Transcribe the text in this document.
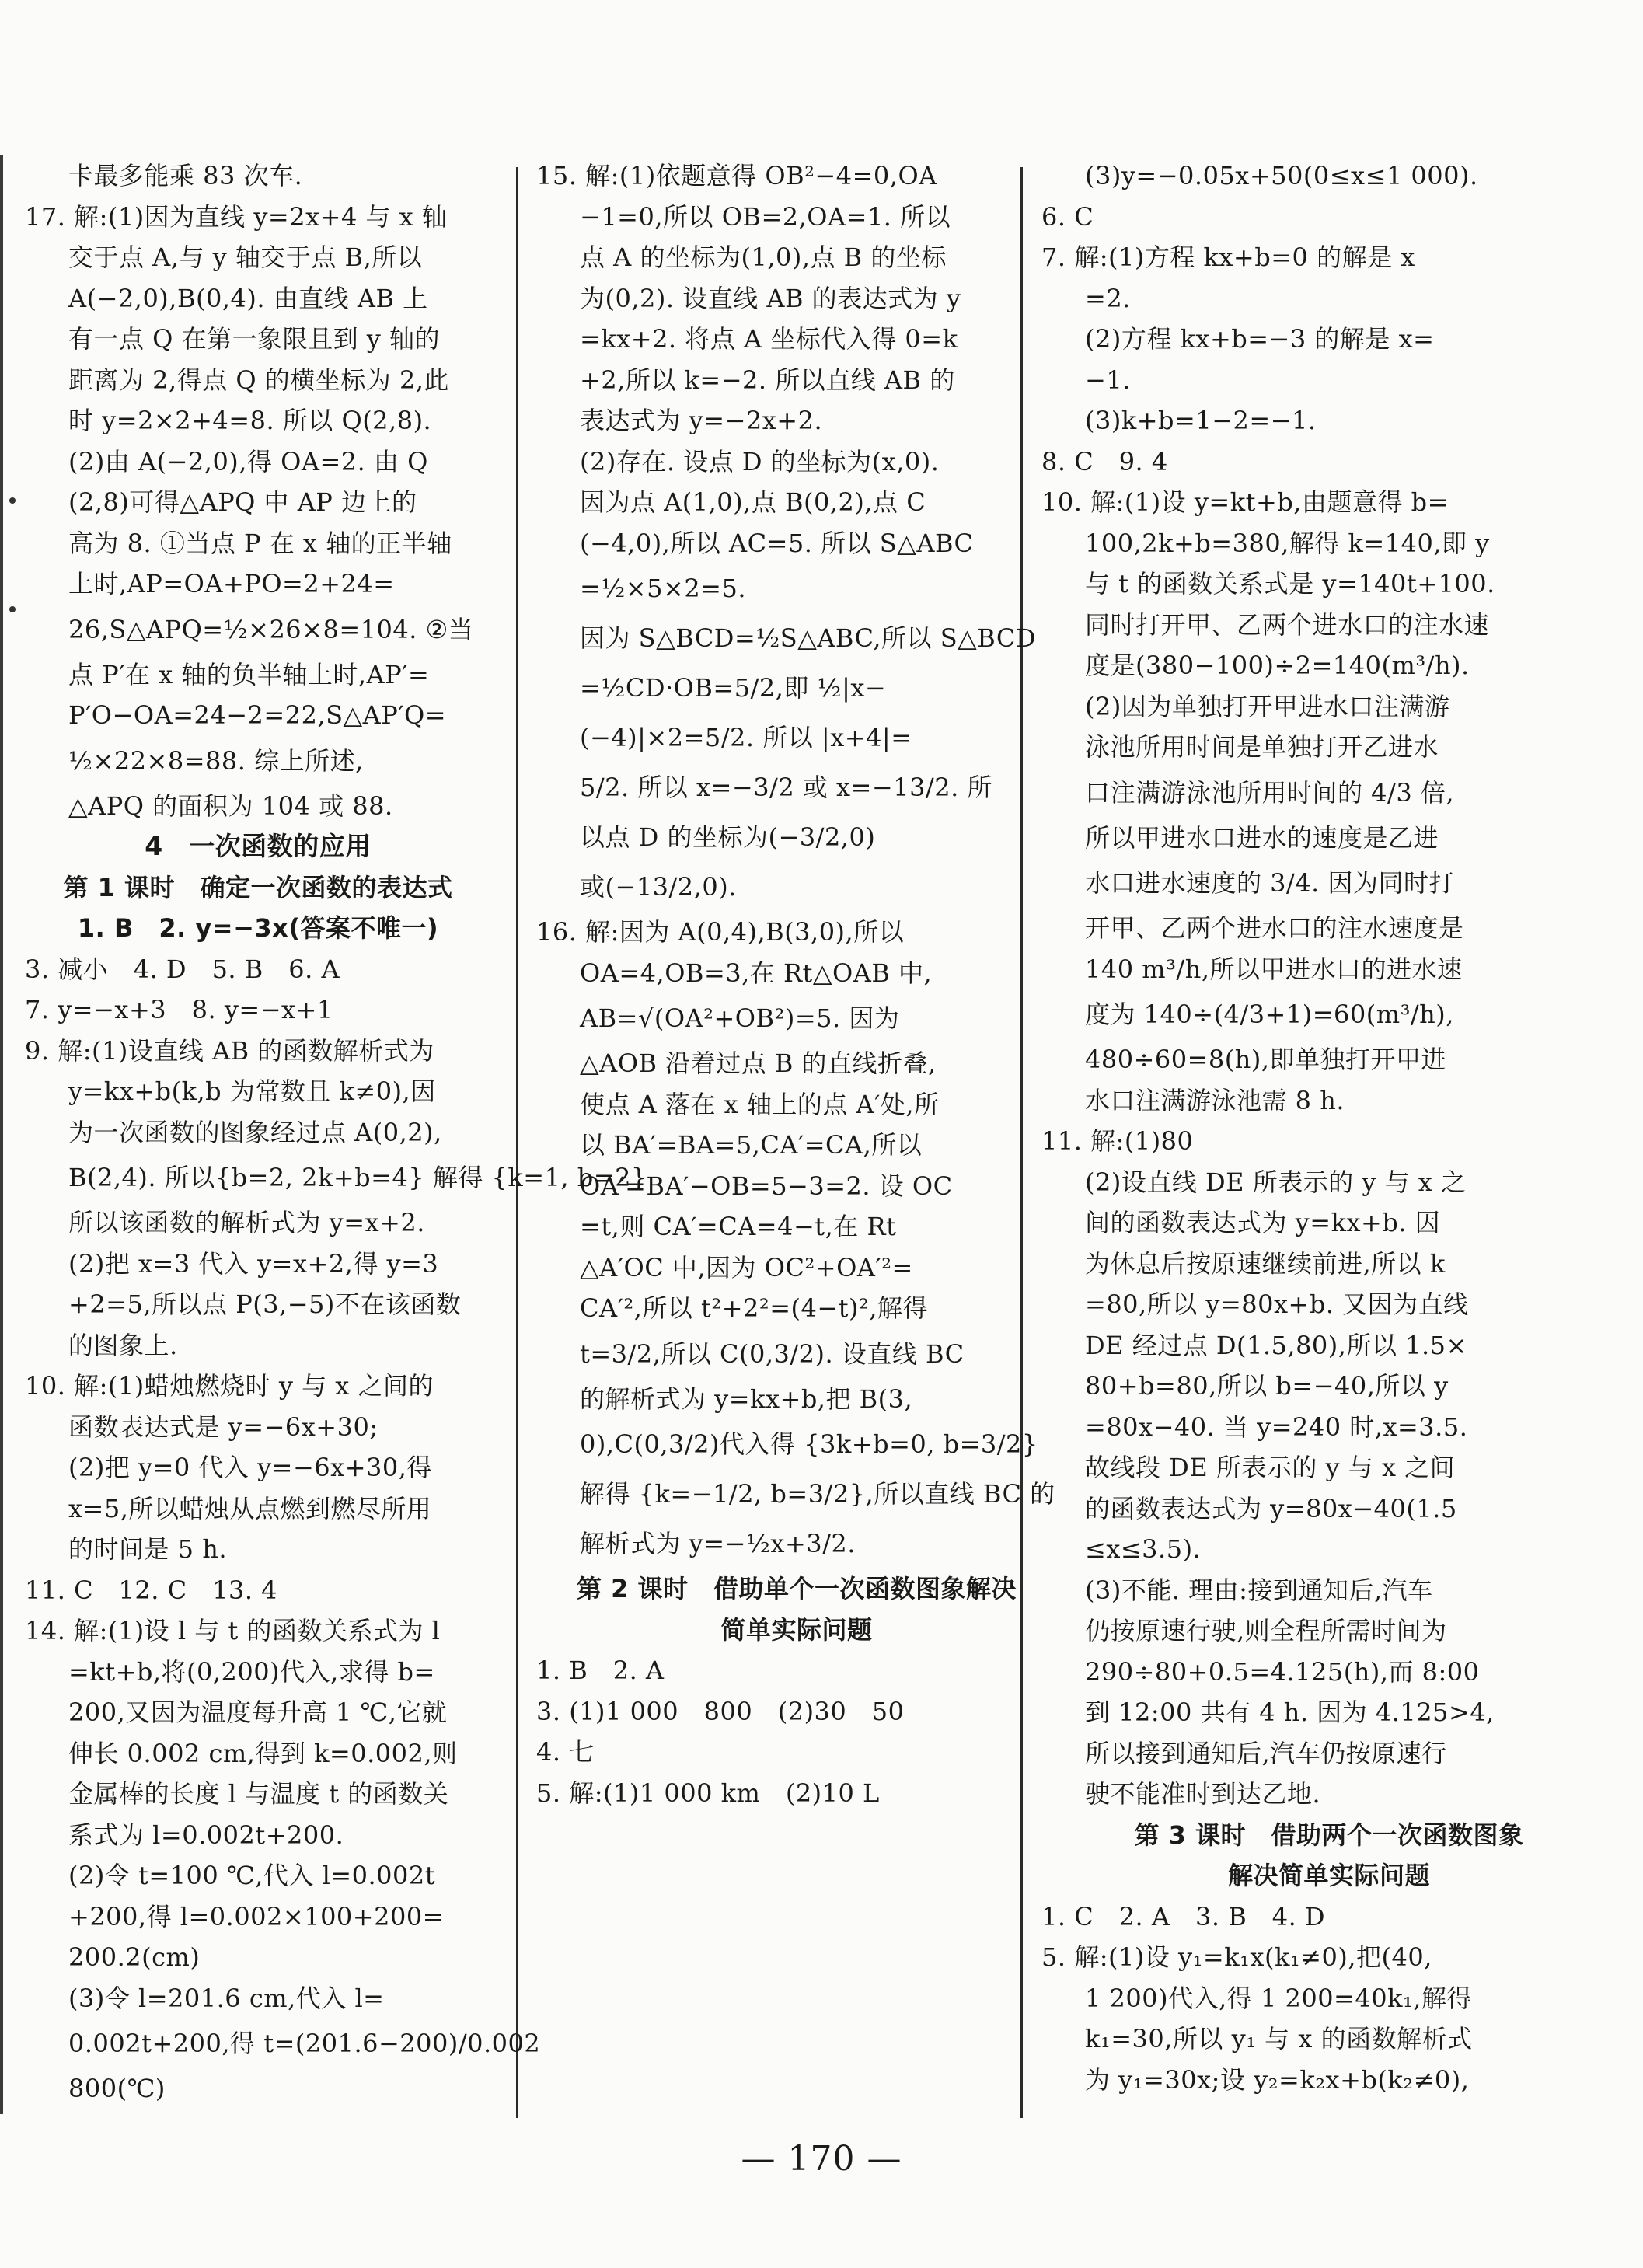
卡最多能乘 83 次车.
17. 解:(1)因为直线 y=2x+4 与 x 轴
交于点 A,与 y 轴交于点 B,所以
A(−2,0),B(0,4). 由直线 AB 上
有一点 Q 在第一象限且到 y 轴的
距离为 2,得点 Q 的横坐标为 2,此
时 y=2×2+4=8. 所以 Q(2,8).
(2)由 A(−2,0),得 OA=2. 由 Q
(2,8)可得△APQ 中 AP 边上的
高为 8. ①当点 P 在 x 轴的正半轴
上时,AP=OA+PO=2+24=
26,S△APQ=½×26×8=104. ②当
点 P′在 x 轴的负半轴上时,AP′=
P′O−OA=24−2=22,S△AP′Q=
½×22×8=88. 综上所述,
△APQ 的面积为 104 或 88.
4　一次函数的应用
第 1 课时　确定一次函数的表达式
1. B　2. y=−3x(答案不唯一)
3. 减小　4. D　5. B　6. A
7. y=−x+3　8. y=−x+1
9. 解:(1)设直线 AB 的函数解析式为
y=kx+b(k,b 为常数且 k≠0),因
为一次函数的图象经过点 A(0,2),
B(2,4). 所以{b=2, 2k+b=4} 解得 {k=1, b=2}
所以该函数的解析式为 y=x+2.
(2)把 x=3 代入 y=x+2,得 y=3
+2=5,所以点 P(3,−5)不在该函数
的图象上.
10. 解:(1)蜡烛燃烧时 y 与 x 之间的
函数表达式是 y=−6x+30;
(2)把 y=0 代入 y=−6x+30,得
x=5,所以蜡烛从点燃到燃尽所用
的时间是 5 h.
11. C　12. C　13. 4
14. 解:(1)设 l 与 t 的函数关系式为 l
=kt+b,将(0,200)代入,求得 b=
200,又因为温度每升高 1 ℃,它就
伸长 0.002 cm,得到 k=0.002,则
金属棒的长度 l 与温度 t 的函数关
系式为 l=0.002t+200.
(2)令 t=100 ℃,代入 l=0.002t
+200,得 l=0.002×100+200=
200.2(cm)
(3)令 l=201.6 cm,代入 l=
0.002t+200,得 t=(201.6−200)/0.002
800(℃)
15. 解:(1)依题意得 OB²−4=0,OA
−1=0,所以 OB=2,OA=1. 所以
点 A 的坐标为(1,0),点 B 的坐标
为(0,2). 设直线 AB 的表达式为 y
=kx+2. 将点 A 坐标代入得 0=k
+2,所以 k=−2. 所以直线 AB 的
表达式为 y=−2x+2.
(2)存在. 设点 D 的坐标为(x,0).
因为点 A(1,0),点 B(0,2),点 C
(−4,0),所以 AC=5. 所以 S△ABC
=½×5×2=5.
因为 S△BCD=½S△ABC,所以 S△BCD
=½CD·OB=5/2,即 ½|x−
(−4)|×2=5/2. 所以 |x+4|=
5/2. 所以 x=−3/2 或 x=−13/2. 所
以点 D 的坐标为(−3/2,0)
或(−13/2,0).
16. 解:因为 A(0,4),B(3,0),所以
OA=4,OB=3,在 Rt△OAB 中,
AB=√(OA²+OB²)=5. 因为
△AOB 沿着过点 B 的直线折叠,
使点 A 落在 x 轴上的点 A′处,所
以 BA′=BA=5,CA′=CA,所以
OA′=BA′−OB=5−3=2. 设 OC
=t,则 CA′=CA=4−t,在 Rt
△A′OC 中,因为 OC²+OA′²=
CA′²,所以 t²+2²=(4−t)²,解得
t=3/2,所以 C(0,3/2). 设直线 BC
的解析式为 y=kx+b,把 B(3,
0),C(0,3/2)代入得 {3k+b=0, b=3/2}
解得 {k=−1/2, b=3/2},所以直线 BC 的
解析式为 y=−½x+3/2.
第 2 课时　借助单个一次函数图象解决
简单实际问题
1. B　2. A
3. (1)1 000　800　(2)30　50
4. 七
5. 解:(1)1 000 km　(2)10 L
(3)y=−0.05x+50(0≤x≤1 000).
6. C
7. 解:(1)方程 kx+b=0 的解是 x
=2.
(2)方程 kx+b=−3 的解是 x=
−1.
(3)k+b=1−2=−1.
8. C　9. 4
10. 解:(1)设 y=kt+b,由题意得 b=
100,2k+b=380,解得 k=140,即 y
与 t 的函数关系式是 y=140t+100.
同时打开甲、乙两个进水口的注水速
度是(380−100)÷2=140(m³/h).
(2)因为单独打开甲进水口注满游
泳池所用时间是单独打开乙进水
口注满游泳池所用时间的 4/3 倍,
所以甲进水口进水的速度是乙进
水口进水速度的 3/4. 因为同时打
开甲、乙两个进水口的注水速度是
140 m³/h,所以甲进水口的进水速
度为 140÷(4/3+1)=60(m³/h),
480÷60=8(h),即单独打开甲进
水口注满游泳池需 8 h.
11. 解:(1)80
(2)设直线 DE 所表示的 y 与 x 之
间的函数表达式为 y=kx+b. 因
为休息后按原速继续前进,所以 k
=80,所以 y=80x+b. 又因为直线
DE 经过点 D(1.5,80),所以 1.5×
80+b=80,所以 b=−40,所以 y
=80x−40. 当 y=240 时,x=3.5.
故线段 DE 所表示的 y 与 x 之间
的函数表达式为 y=80x−40(1.5
≤x≤3.5).
(3)不能. 理由:接到通知后,汽车
仍按原速行驶,则全程所需时间为
290÷80+0.5=4.125(h),而 8:00
到 12:00 共有 4 h. 因为 4.125>4,
所以接到通知后,汽车仍按原速行
驶不能准时到达乙地.
第 3 课时　借助两个一次函数图象
解决简单实际问题
1. C　2. A　3. B　4. D
5. 解:(1)设 y₁=k₁x(k₁≠0),把(40,
1 200)代入,得 1 200=40k₁,解得
k₁=30,所以 y₁ 与 x 的函数解析式
为 y₁=30x;设 y₂=k₂x+b(k₂≠0),
— 170 —
